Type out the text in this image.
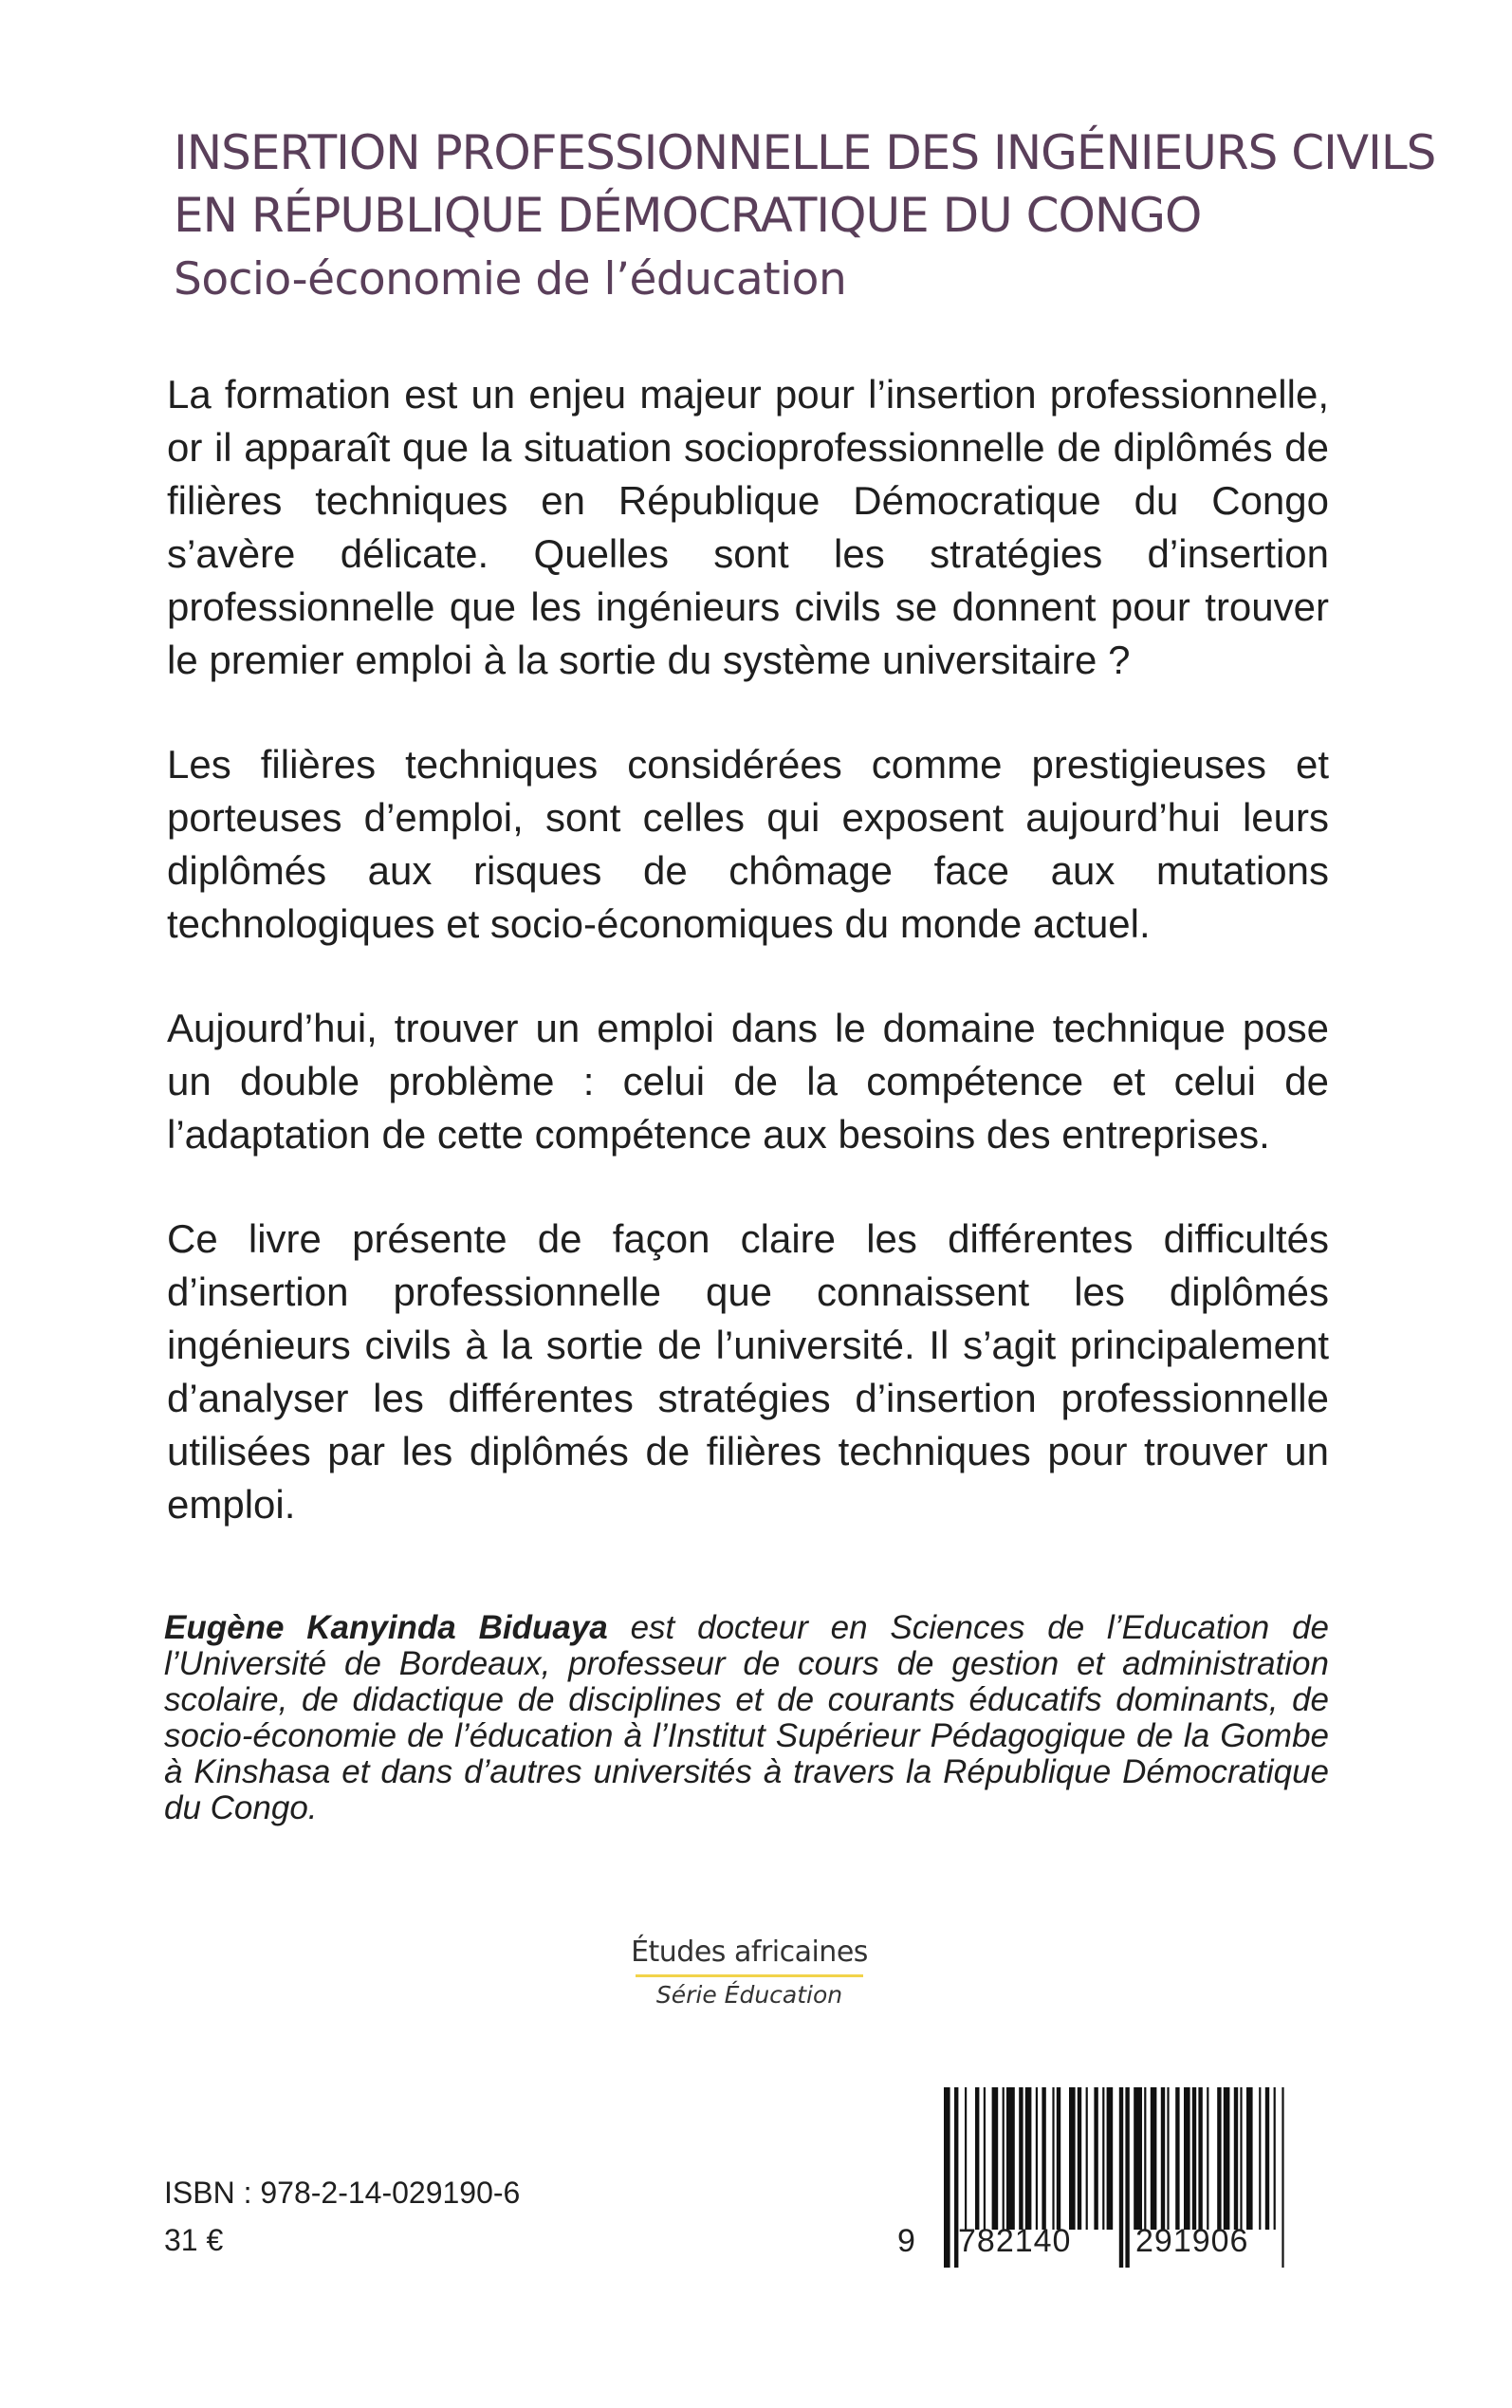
INSERTION PROFESSIONNELLE DES INGÉNIEURS CIVILS
EN RÉPUBLIQUE DÉMOCRATIQUE DU CONGO
Socio-économie de l’éducation

La formation est un enjeu majeur pour l’insertion professionnelle, or il apparaît que la situation socioprofessionnelle de diplômés de filières techniques en République Démocratique du Congo s’avère délicate. Quelles sont les stratégies d’insertion professionnelle que les ingénieurs civils se donnent pour trouver le premier emploi à la sortie du système universitaire ?

Les filières techniques considérées comme prestigieuses et porteuses d’emploi, sont celles qui exposent aujourd’hui leurs diplômés aux risques de chômage face aux mutations technologiques et socio-économiques du monde actuel.

Aujourd’hui, trouver un emploi dans le domaine technique pose un double problème : celui de la compétence et celui de l’adaptation de cette compétence aux besoins des entreprises.

Ce livre présente de façon claire les différentes difficultés d’insertion professionnelle que connaissent les diplômés ingénieurs civils à la sortie de l’université. Il s’agit principalement d’analyser les différentes stratégies d’insertion professionnelle utilisées par les diplômés de filières techniques pour trouver un emploi.

Eugène Kanyinda Biduaya est docteur en Sciences de l’Education de l’Université de Bordeaux, professeur de cours de gestion et administration scolaire, de didactique de disciplines et de courants éducatifs dominants, de socio-économie de l’éducation à l’Institut Supérieur Pédagogique de la Gombe à Kinshasa et dans d’autres universités à travers la République Démocratique du Congo.
Études africaines
Série Éducation
ISBN : 978-2-14-029190-6
31 €	9 782140 291906
